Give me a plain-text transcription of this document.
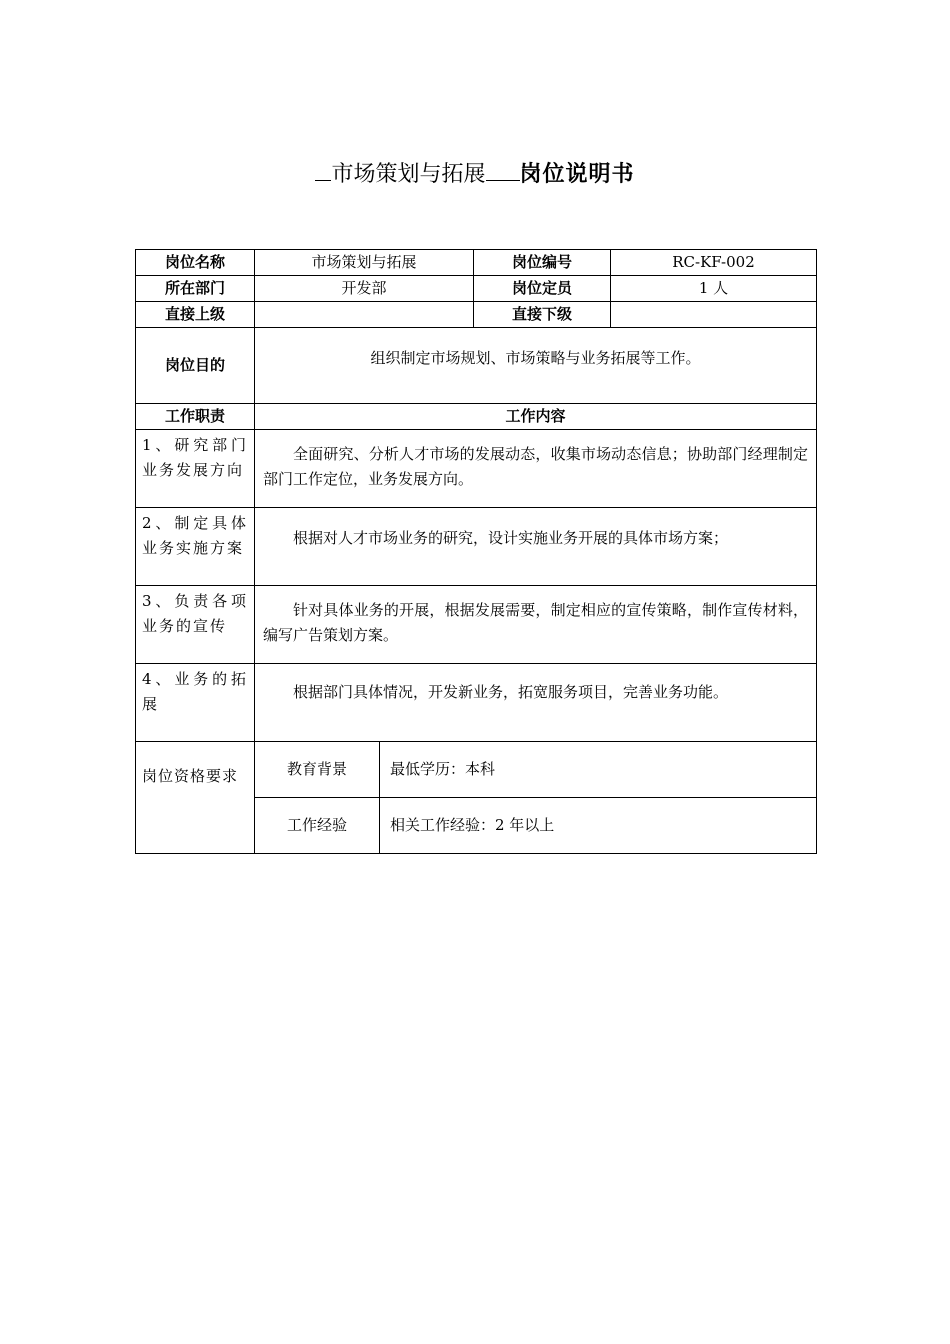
市场策划与拓展 岗位说明书
岗位名称	市场策划与拓展		岗位编号	RC-KF-002
所在部门	开发部		岗位定员	1 人
直接上级			直接下级	
岗位目的	组织制定市场规划、市场策略与业务拓展等工作。			
工作职责	工作内容			
1、研究部门业务发展方向	全面研究、分析人才市场的发展动态，收集市场动态信息；协助部门经理制定部门工作定位，业务发展方向。			
2、制定具体业务实施方案	根据对人才市场业务的研究，设计实施业务开展的具体市场方案；			
3、负责各项业务的宣传	针对具体业务的开展，根据发展需要，制定相应的宣传策略，制作宣传材料，编写广告策划方案。			
4、业务的拓展	根据部门具体情况，开发新业务，拓宽服务项目，完善业务功能。			
岗位资格要求	教育背景	最低学历：本科		
	工作经验	相关工作经验：2 年以上		
